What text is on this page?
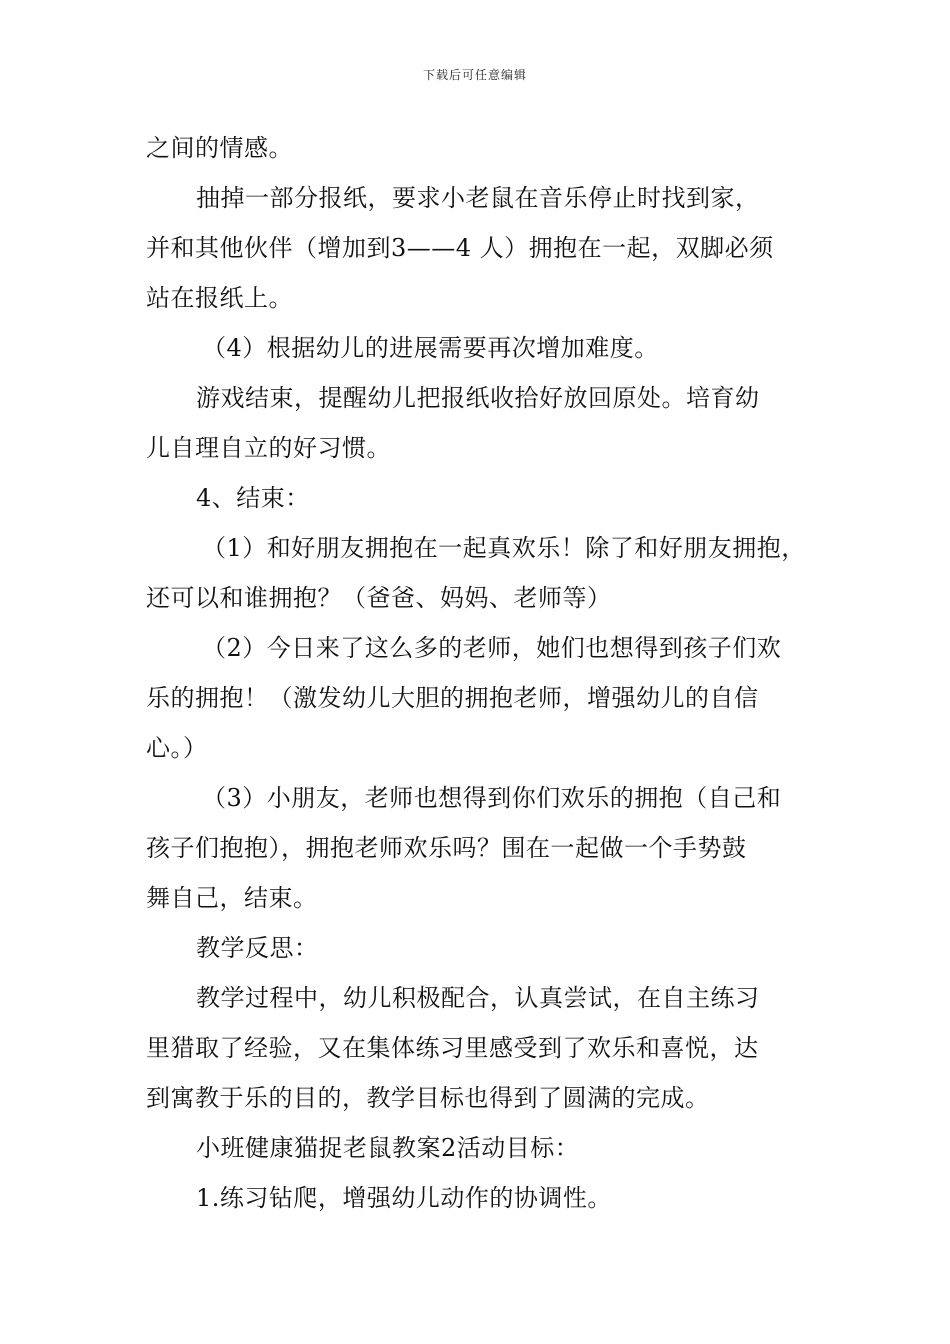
下载后可任意编辑
之间的情感。
抽掉一部分报纸，要求小老鼠在音乐停止时找到家，
并和其他伙伴（增加到3——4 人）拥抱在一起，双脚必须
站在报纸上。
（4）根据幼儿的进展需要再次增加难度。
游戏结束，提醒幼儿把报纸收拾好放回原处。培育幼
儿自理自立的好习惯。
4、结束：
（1）和好朋友拥抱在一起真欢乐！除了和好朋友拥抱，
还可以和谁拥抱？（爸爸、妈妈、老师等）
（2）今日来了这么多的老师，她们也想得到孩子们欢
乐的拥抱！（激发幼儿大胆的拥抱老师，增强幼儿的自信
心。）
（3）小朋友，老师也想得到你们欢乐的拥抱（自己和
孩子们抱抱），拥抱老师欢乐吗？围在一起做一个手势鼓
舞自己，结束。
教学反思：
教学过程中，幼儿积极配合，认真尝试，在自主练习
里猎取了经验，又在集体练习里感受到了欢乐和喜悦，达
到寓教于乐的目的，教学目标也得到了圆满的完成。
小班健康猫捉老鼠教案2活动目标：
1.练习钻爬，增强幼儿动作的协调性。
